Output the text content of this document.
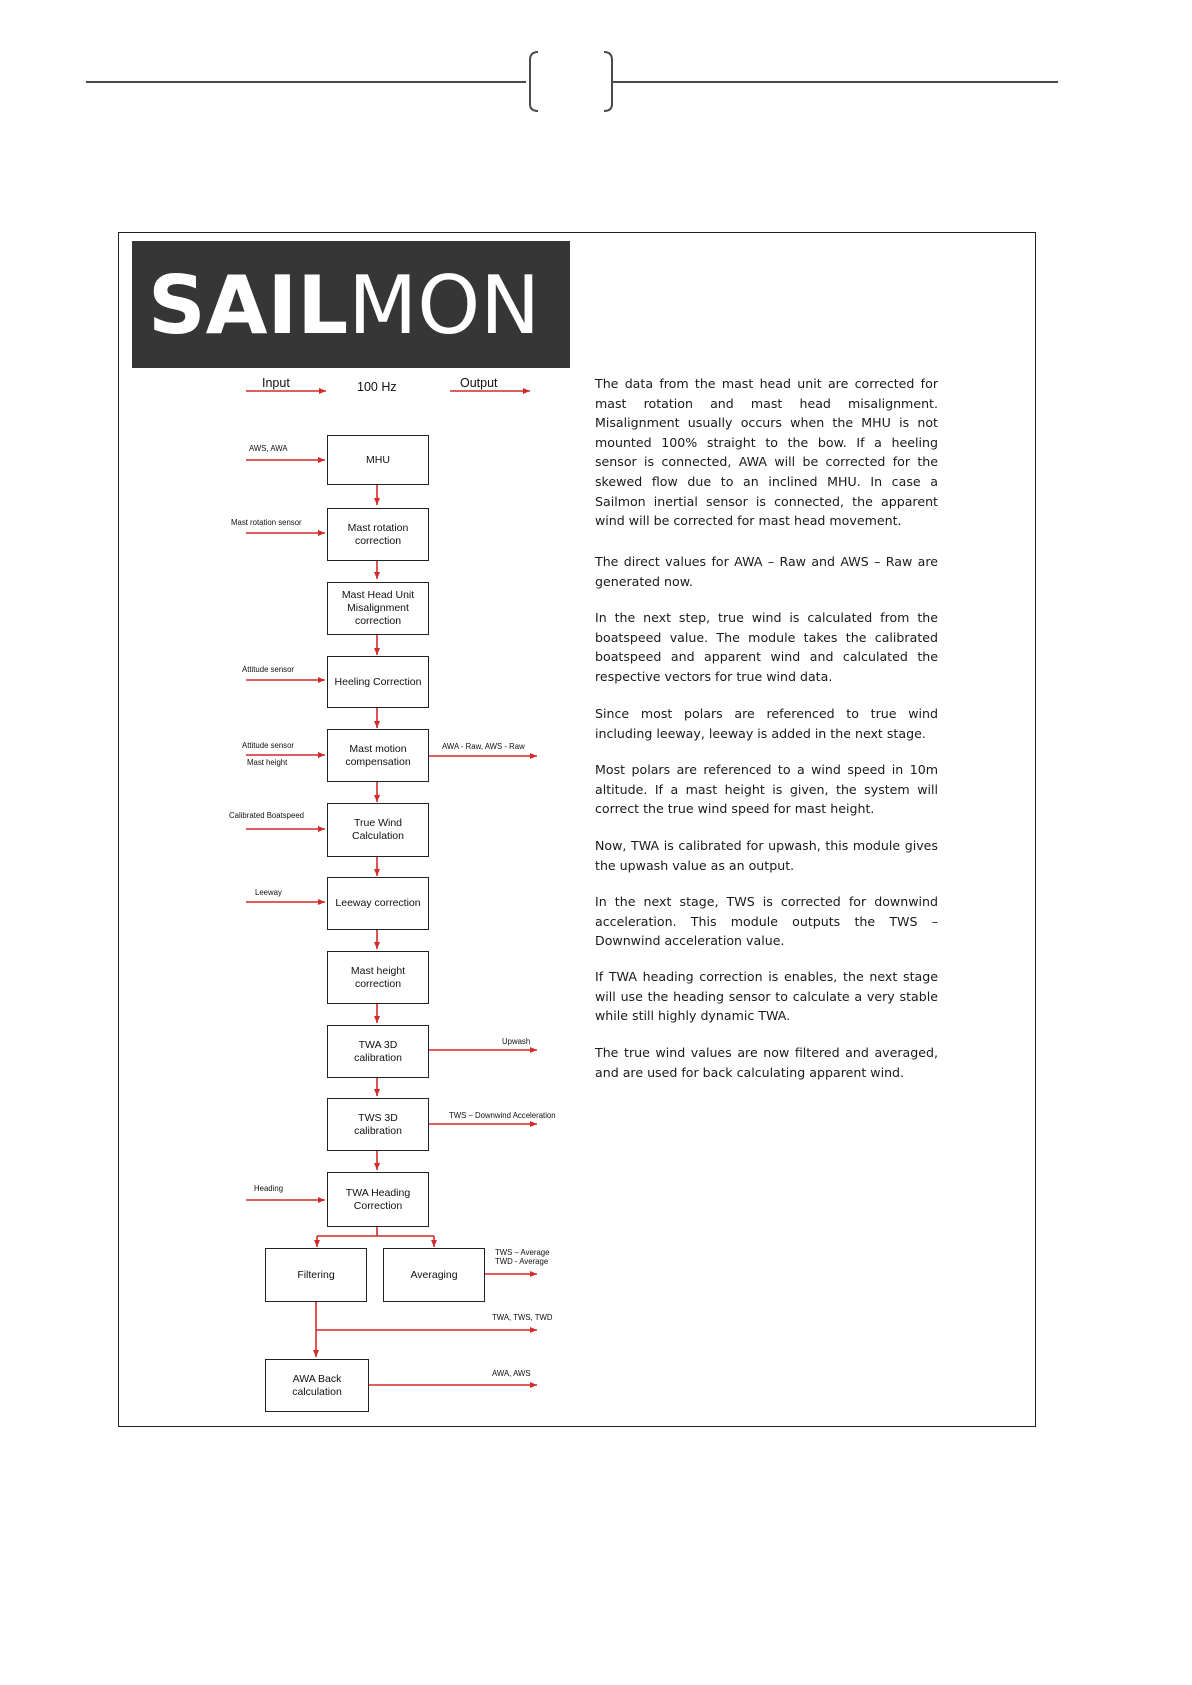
SAILMON
Input	100 Hz	Output
MHU
Mast rotation
correction
Mast Head Unit
Misalignment
correction
Heeling Correction
Mast motion
compensation
True Wind
Calculation
Leeway correction
Mast height
correction
TWA 3D
calibration
TWS 3D
calibration
TWA Heading
Correction
Filtering	Averaging
AWA Back
calculation
AWS, AWA
Mast rotation sensor
Attitude sensor
Attitude sensor
Mast height
Calibrated Boatspeed
Leeway
Heading
AWA - Raw, AWS - Raw
Upwash
TWS – Downwind Acceleration
TWS – Average
TWD - Average
TWA, TWS, TWD
AWA, AWS
The data from the mast head unit are corrected for mast rotation and mast head misalignment. Misalignment usually occurs when the MHU is not mounted 100% straight to the bow. If a heeling sensor is connected, AWA will be corrected for the skewed flow due to an inclined MHU. In case a Sailmon inertial sensor is connected, the apparent wind will be corrected for mast head movement.
The direct values for AWA – Raw and AWS – Raw are generated now.
In the next step, true wind is calculated from the boatspeed value. The module takes the calibrated boatspeed and apparent wind and calculated the respective vectors for true wind data.
Since most polars are referenced to true wind including leeway, leeway is added in the next stage.
Most polars are referenced to a wind speed in 10m altitude. If a mast height is given, the system will correct the true wind speed for mast height.
Now, TWA is calibrated for upwash, this module gives the upwash value as an output.
In the next stage, TWS is corrected for downwind acceleration. This module outputs the TWS – Downwind acceleration value.
If TWA heading correction is enables, the next stage will use the heading sensor to calculate a very stable while still highly dynamic TWA.
The true wind values are now filtered and averaged, and are used for back calculating apparent wind.
